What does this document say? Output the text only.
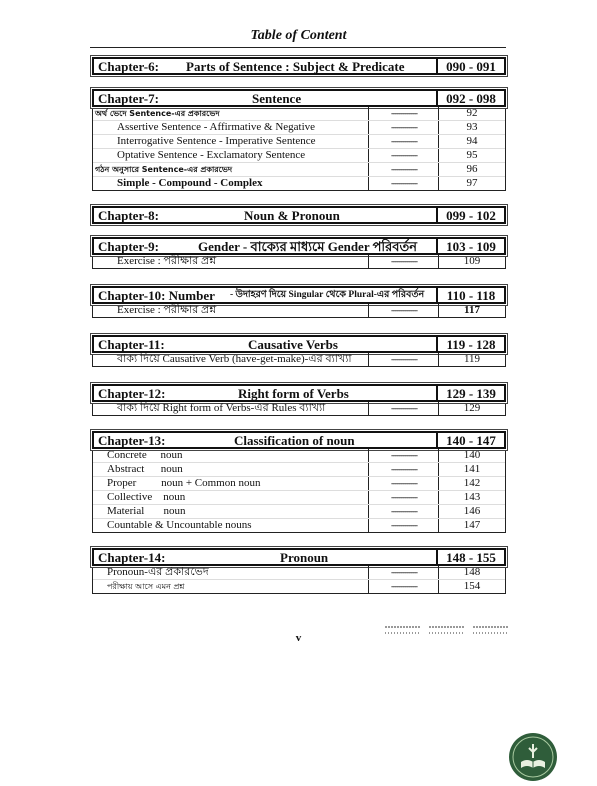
Table of Content
Chapter-6: Parts of Sentence : Subject & Predicate	090 - 091
Chapter-7:	Sentence	092 - 098
অর্থ ভেদে Sentence-এর প্রকারভেদ	-------------	92
Assertive Sentence - Affirmative & Negative	-------------	93
Interrogative Sentence - Imperative Sentence	-------------	94
Optative Sentence - Exclamatory Sentence	-------------	95
গঠন অনুসারে Sentence-এর প্রকারভেদ	-------------	96
Simple - Compound - Complex	-------------	97
Chapter-8:	Noun & Pronoun	099 - 102
Chapter-9:	Gender - বাক্যের মাধ্যমে Gender পরিবর্তন	103 - 109
Exercise : পরীক্ষার প্রশ্ন	-------------	109
Chapter-10: Number - উদাহরণ দিয়ে Singular থেকে Plural-এর পরিবর্তন	110 - 118
Exercise : পরীক্ষার প্রশ্ন	-------------	117
Chapter-11:	Causative Verbs	119 - 128
বাক্য দিয়ে Causative Verb (have-get-make)-এর ব্যাখ্যা	-------------	119
Chapter-12:	Right form of Verbs	129 - 139
বাক্য দিয়ে Right form of Verbs-এর Rules ব্যাখ্যা	-------------	129
Chapter-13:	Classification of noun	140 - 147
Concrete     noun	-------------	140
Abstract      noun	-------------	141
Proper         noun + Common noun	-------------	142
Collective    noun	-------------	143
Material       noun	-------------	146
Countable & Uncountable nouns	-------------	147
Chapter-14:	Pronoun	148 - 155
Pronoun-এর প্রকারভেদ	-------------	148
পরীক্ষায় আসে এমন প্রশ্ন	-------------	154
v
